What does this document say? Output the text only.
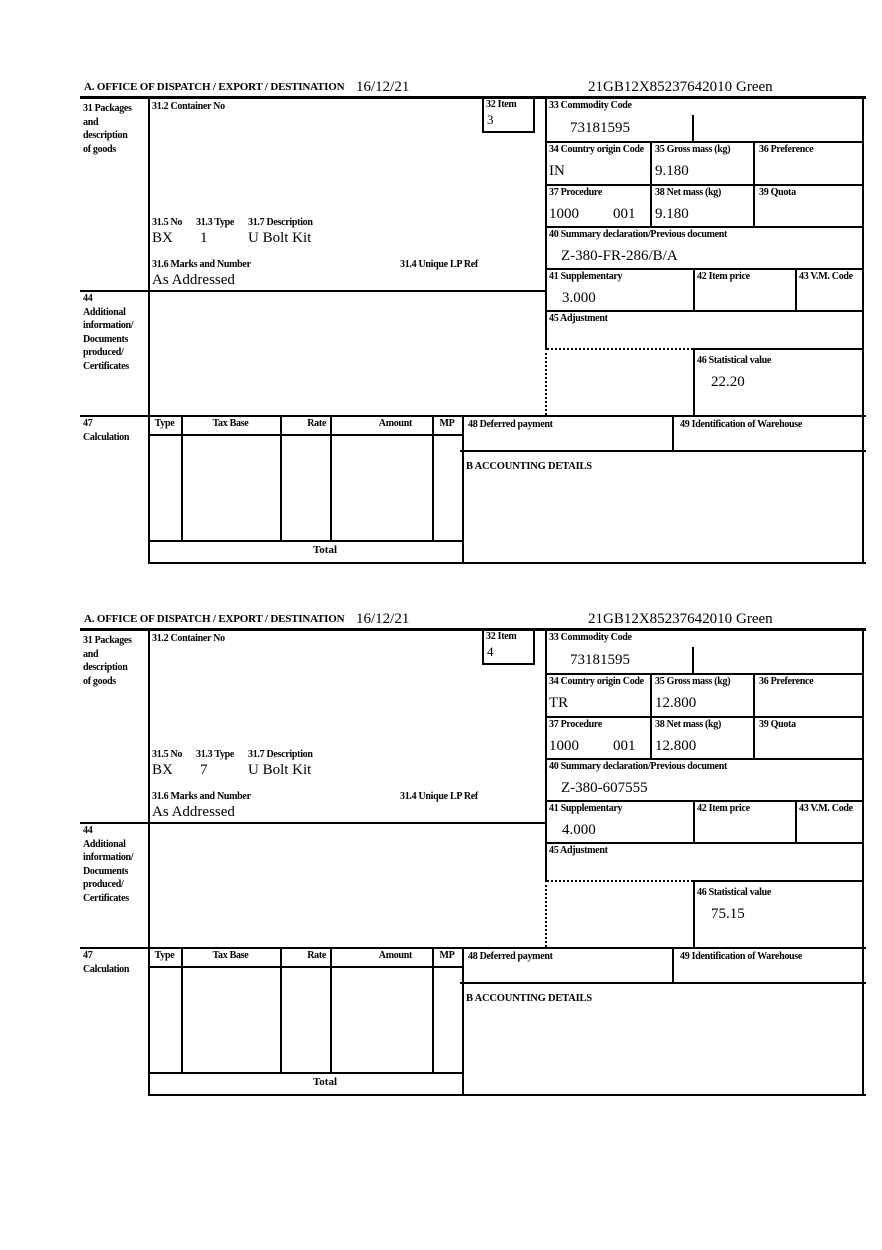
A. OFFICE OF DISPATCH / EXPORT / DESTINATION 16/12/21	21GB12X85237642010 Green
31 Packages
and
description
of goods
31.2 Container No	32 Item
3
31.5 No 31.3 Type 31.7 Description
BX 1	U Bolt Kit
31.6 Marks and Number	31.4 Unique LP Ref
As Addressed
33 Commodity Code
73181595
34 Country origin Code
IN
35 Gross mass (kg)
9.180
36 Preference
37 Procedure
1000 001
38 Net mass (kg)
9.180
39 Quota
40 Summary declaration/Previous document
Z-380-FR-286/B/A
41 Supplementary
3.000
42 Item price	43 V.M. Code
45 Adjustment
46 Statistical value
22.20
44
Additional
information/
Documents
produced/
Certificates
47
Calculation
Type	Tax Base	Rate	Amount	MP
Total
48 Deferred payment	49 Identification of Warehouse
B ACCOUNTING DETAILS
A. OFFICE OF DISPATCH / EXPORT / DESTINATION 16/12/21	21GB12X85237642010 Green
31 Packages
and
description
of goods
31.2 Container No	32 Item
4
31.5 No 31.3 Type 31.7 Description
BX 7	U Bolt Kit
31.6 Marks and Number	31.4 Unique LP Ref
As Addressed
33 Commodity Code
73181595
34 Country origin Code
TR
35 Gross mass (kg)
12.800
36 Preference
37 Procedure
1000 001
38 Net mass (kg)
12.800
39 Quota
40 Summary declaration/Previous document
Z-380-607555
41 Supplementary
4.000
42 Item price	43 V.M. Code
45 Adjustment
46 Statistical value
75.15
44
Additional
information/
Documents
produced/
Certificates
47
Calculation
Type	Tax Base	Rate	Amount	MP
Total
48 Deferred payment	49 Identification of Warehouse
B ACCOUNTING DETAILS
